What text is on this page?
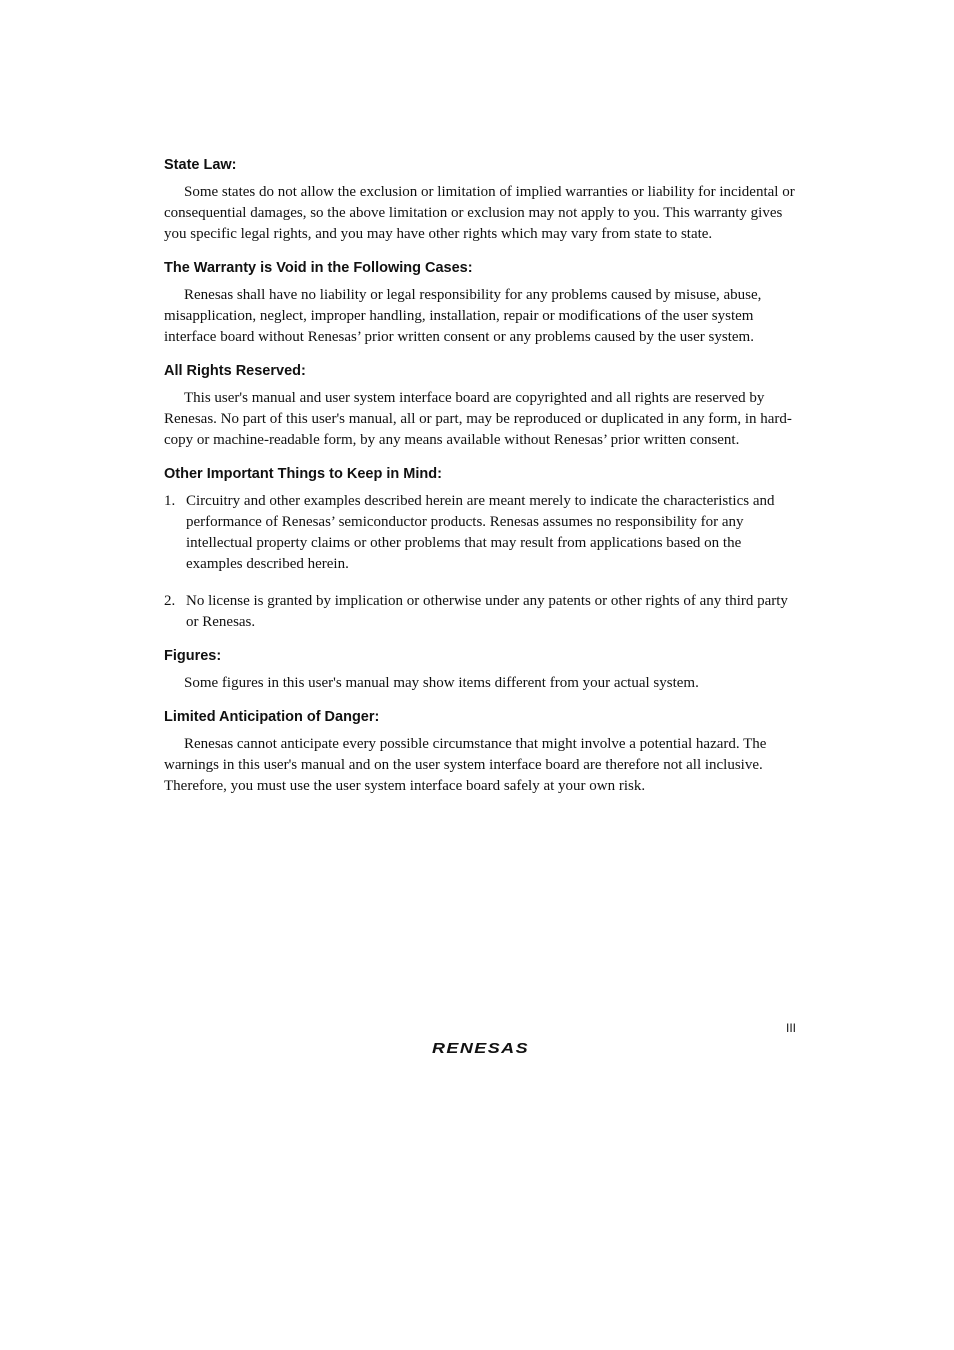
State Law:

Some states do not allow the exclusion or limitation of implied warranties or liability for incidental or consequential damages, so the above limitation or exclusion may not apply to you. This warranty gives you specific legal rights, and you may have other rights which may vary from state to state.

The Warranty is Void in the Following Cases:

Renesas shall have no liability or legal responsibility for any problems caused by misuse, abuse, misapplication, neglect, improper handling, installation, repair or modifications of the user system interface board without Renesas’ prior written consent or any problems caused by the user system.

All Rights Reserved:

This user's manual and user system interface board are copyrighted and all rights are reserved by Renesas. No part of this user's manual, all or part, may be reproduced or duplicated in any form, in hard-copy or machine-readable form, by any means available without Renesas’ prior written consent.

Other Important Things to Keep in Mind:
1. Circuitry and other examples described herein are meant merely to indicate the characteristics and performance of Renesas’ semiconductor products. Renesas assumes no responsibility for any intellectual property claims or other problems that may result from applications based on the examples described herein.
2. No license is granted by implication or otherwise under any patents or other rights of any third party or Renesas.
Figures:

Some figures in this user's manual may show items different from your actual system.

Limited Anticipation of Danger:

Renesas cannot anticipate every possible circumstance that might involve a potential hazard. The warnings in this user's manual and on the user system interface board are therefore not all inclusive. Therefore, you must use the user system interface board safely at your own risk.

III
RENESAS
